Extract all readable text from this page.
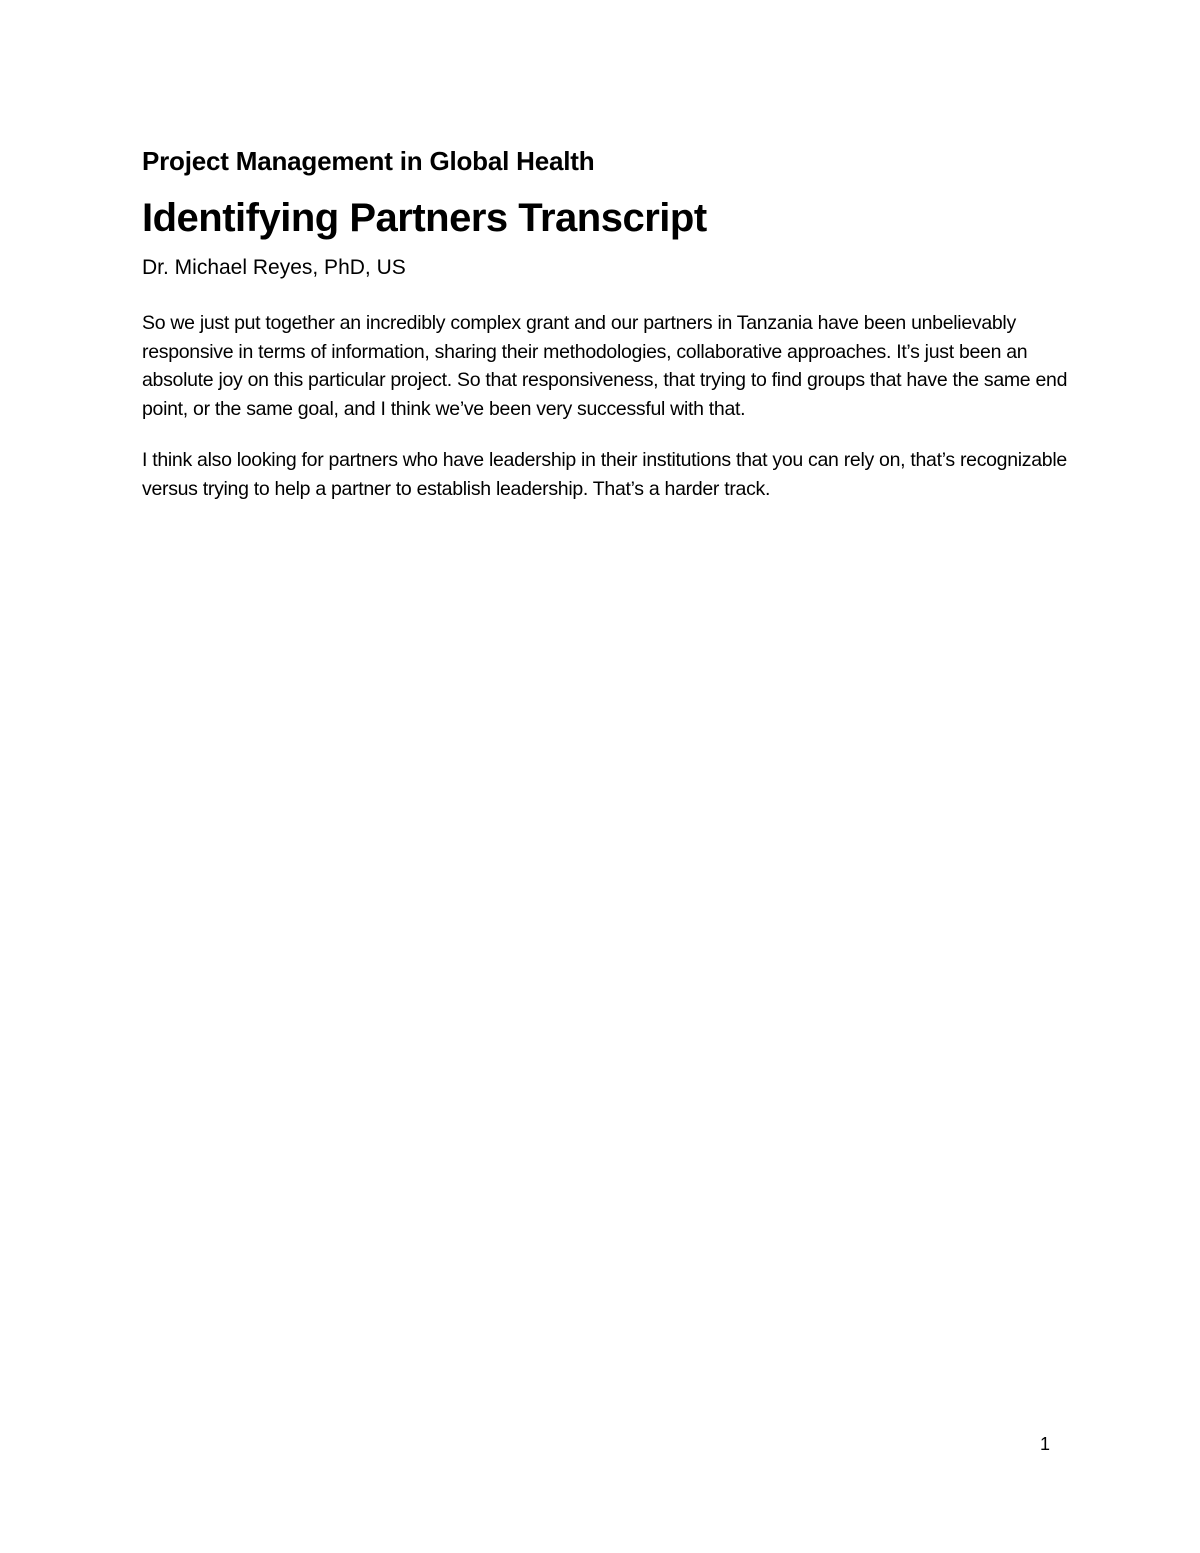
Project Management in Global Health
Identifying Partners Transcript
Dr. Michael Reyes, PhD, US

So we just put together an incredibly complex grant and our partners in Tanzania have been unbelievably responsive in terms of information, sharing their methodologies, collaborative approaches. It’s just been an absolute joy on this particular project. So that responsiveness, that trying to find groups that have the same end point, or the same goal, and I think we’ve been very successful with that.

I think also looking for partners who have leadership in their institutions that you can rely on, that’s recognizable versus trying to help a partner to establish leadership. That’s a harder track.

1
